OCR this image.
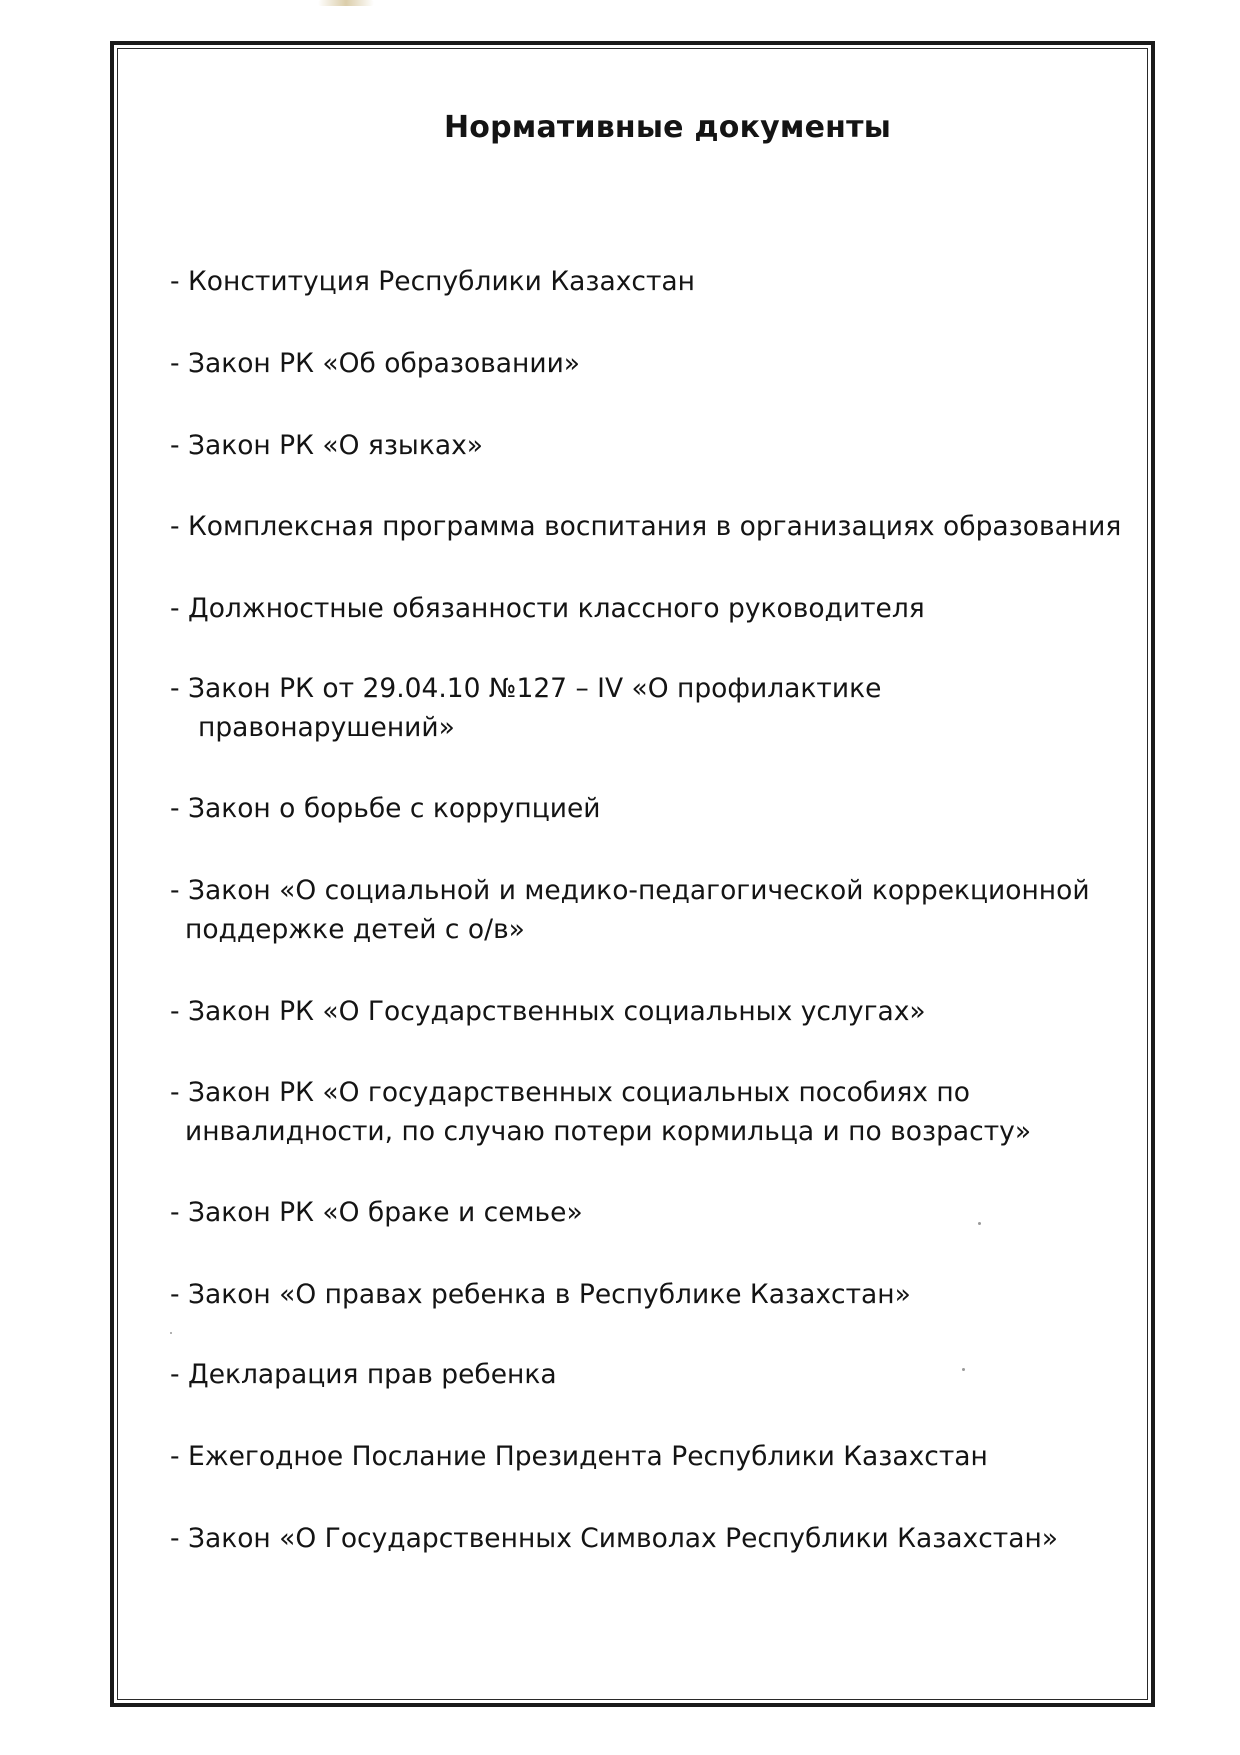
Нормативные документы
- Конституция Республики Казахстан
- Закон РК «Об образовании»
- Закон РК «О языках»
- Комплексная программа воспитания в организациях образования
- Должностные обязанности классного руководителя
- Закон РК от 29.04.10 №127 – IV «О профилактике
правонарушений»
- Закон о борьбе с коррупцией
- Закон «О социальной и медико-педагогической коррекционной
поддержке детей с о/в»
- Закон РК «О Государственных социальных услугах»
- Закон РК «О государственных социальных пособиях по
инвалидности, по случаю потери кормильца и по возрасту»
- Закон РК «О браке и семье»
- Закон «О правах ребенка в Республике Казахстан»
- Декларация прав ребенка
- Ежегодное Послание Президента Республики Казахстан
- Закон «О Государственных Символах Республики Казахстан»
